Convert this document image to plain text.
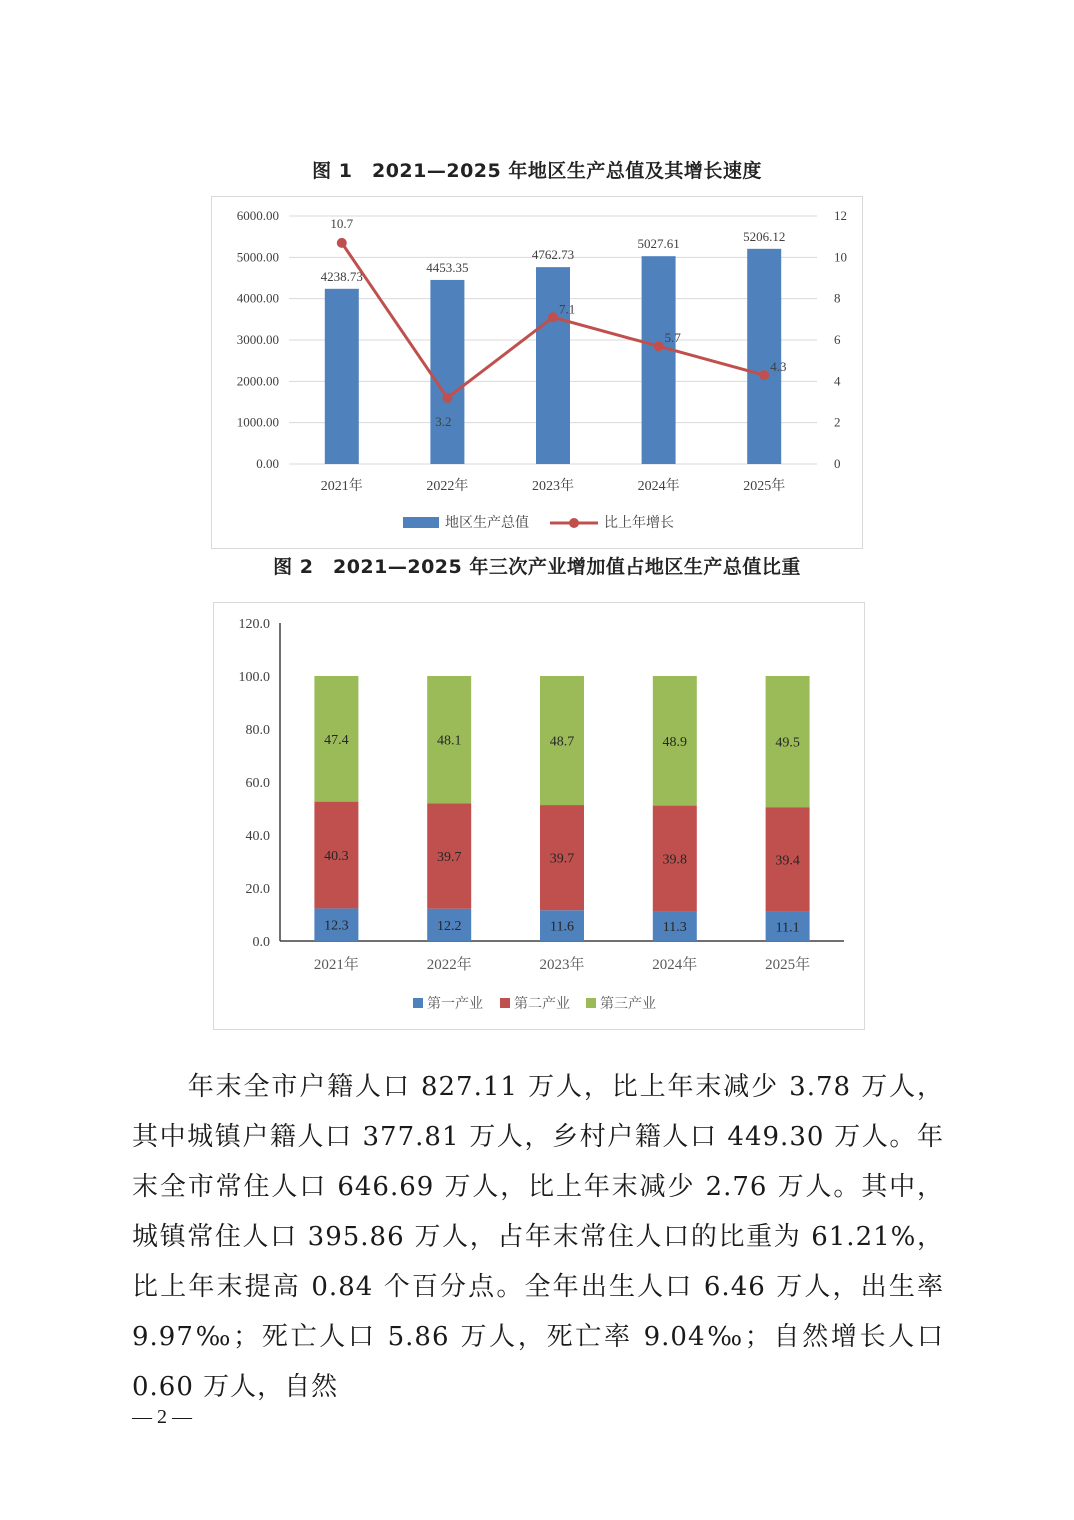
图 1　2021—2025 年地区生产总值及其增长速度
0.00
1000.00
2000.00
3000.00
4000.00
5000.00
6000.00
0
2
4
6
8
10
12
4238.73
2021年
4453.35
2022年
4762.73
2023年
5027.61
2024年
5206.12
2025年
10.7
3.2
7.1
5.7
4.3
地区生产总值	比上年增长
图 2　2021—2025 年三次产业增加值占地区生产总值比重
0.0
20.0
40.0
60.0
80.0
100.0
120.0
12.3
40.3
47.4
2021年
12.2
39.7
48.1
2022年
11.6
39.7
48.7
2023年
11.3
39.8
48.9
2024年
11.1
39.4
49.5
2025年
第一产业 第二产业 第三产业

　　年末全市户籍人口 827.11 万人，比上年末减少 3.78 万人，其中城镇户籍人口 377.81 万人，乡村户籍人口 449.30 万人。年末全市常住人口 646.69 万人，比上年末减少 2.76 万人。其中，城镇常住人口 395.86 万人，占年末常住人口的比重为 61.21%，比上年末提高 0.84 个百分点。全年出生人口 6.46 万人，出生率 9.97‰；死亡人口 5.86 万人，死亡率 9.04‰；自然增长人口 0.60 万人，自然

— 2 —
